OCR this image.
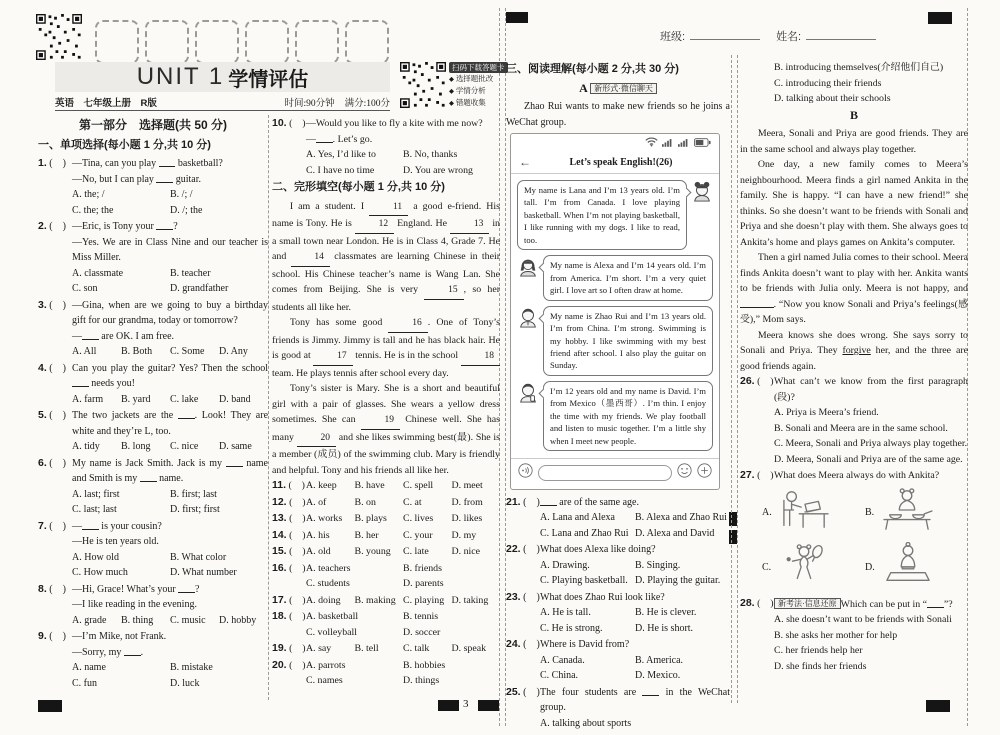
班级:	姓名:
UNIT 1 学情评估
英语　七年级上册　R版	时间:90分钟 满分:100分
扫码下载答题卡
◆ 选择题批改
◆ 学情分析
◆ 错题收集
第一部分　选择题(共 50 分)
一、单项选择(每小题 1 分,共 10 分)
1. (　) —Tina, can you play  basketball?
—No, but I can play  guitar.
A. the; /	B. /; /
C. the; the	D. /; the
2. (　) —Eric, is Tony your ?
—Yes. We are in Class Nine and our teacher is Miss Miller.
A. classmate	B. teacher
C. son	D. grandfather
3. (　) —Gina, when are we going to buy a birthday gift for our grandma, today or tomorrow?
— are OK. I am free.
A. All	B. Both	C. Some	D. Any
4. (　) Can you play the guitar? Yes? Then the school  needs you!
A. farm	B. yard	C. lake	D. band
5. (　) The two jackets are the . Look! They are white and they’re L, too.
A. tidy	B. long	C. nice	D. same
6. (　) My name is Jack Smith. Jack is my  name and Smith is my  name.
A. last; first	B. first; last
C. last; last	D. first; first
7. (　) — is your cousin?
—He is ten years old.
A. How old	B. What color
C. How much	D. What number
8. (　) —Hi, Grace! What’s your ?
—I like reading in the evening.
A. grade	B. thing	C. music	D. hobby
9. (　) —I’m Mike, not Frank.
—Sorry, my .
A. name	B. mistake
C. fun	D. luck
10. (　) —Would you like to fly a kite with me now?
— . Let’s go.
A. Yes, I’d like to	B. No, thanks
C. I have no time	D. You are wrong
二、完形填空(每小题 1 分,共 10 分)
I am a student. I	11 a good e-friend. His name is Tony. He is	12 England. He	13 in a small town near London. He is in Class 4, Grade 7. He and	14 classmates are learning Chinese in their school. His Chinese teacher’s name is Wang Lan. She comes from Beijing. She is very	15 , so her students all like her.
Tony has some good	16 . One of Tony’s friends is Jimmy. Jimmy is tall and he has black hair. He is good at	17 tennis. He is in the school	18 team. He plays tennis after school every day.
Tony’s sister is Mary. She is a short and beautiful girl with a pair of glasses. She wears a yellow dress sometimes. She can	19 Chinese well. She has many	20 and she likes swimming best(最). She is a member (成员) of the swimming club. Mary is friendly and helpful. Tony and his friends all like her.
11. (　) A. keep	B. have	C. spell	D. meet
12. (　) A. of	B. on	C. at	D. from
13. (　) A. works	B. plays	C. lives	D. likes
14. (　) A. his	B. her	C. your	D. my
15. (　) A. old	B. young	C. late	D. nice
16. (　) A. teachers	B. friends
C. students	D. parents
17. (　) A. doing	B. making C. playing D. taking
18. (　) A. basketball	B. tennis
C. volleyball	D. soccer
19. (　) A. say	B. tell	C. talk	D. speak
20. (　) A. parrots	B. hobbies
C. names	D. things
三、阅读理解(每小题 2 分,共 30 分)
A 新形式·微信聊天
Zhao Rui wants to make new friends so he joins a WeChat group.
←	Let’s speak English!(26)
My name is Lana and I’m 13 years old. I’m tall. I’m from Canada. I love playing basketball. When I’m not playing basketball, I like running with my dogs. I like to read, too.
My name is Alexa and I’m 14 years old. I’m from America. I’m short. I’m a very quiet girl. I love art so I often draw at home.
My name is Zhao Rui and I’m 13 years old. I’m from China. I’m strong. Swimming is my hobby. I like swimming with my best friend after school. I also play the guitar on Sunday.
I’m 12 years old and my name is David. I’m from Mexico（墨西哥）. I’m thin. I enjoy the time with my friends. We play football and listen to music together. I’m a little shy when I meet new people.
21. (　)	are of the same age.
A. Lana and Alexa	B. Alexa and Zhao Rui
C. Lana and Zhao Rui D. Alexa and David
22. (　) What does Alexa like doing?
A. Drawing.	B. Singing.
C. Playing basketball. D. Playing the guitar.
23. (　) What does Zhao Rui look like?
A. He is tall.	B. He is clever.
C. He is strong.	D. He is short.
24. (　) Where is David from?
A. Canada.	B. America.
C. China.	D. Mexico.
25. (　) The four students are  in the WeChat group.
A. talking about sports
B. introducing themselves(介绍他们自己)
C. introducing their friends
D. talking about their schools
B
Meera, Sonali and Priya are good friends. They are in the same school and always play together.
One day, a new family comes to Meera’s neighbourhood. Meera finds a girl named Ankita in the family. She is happy. “I can have a new friend!” she thinks. So she doesn’t want to be friends with Sonali and Priya and she doesn’t play with them. She always goes to Ankita’s home and plays games on Ankita’s computer.
Then a girl named Julia comes to their school. Meera finds Ankita doesn’t want to play with her. Ankita wants to be friends with Julia only. Meera is not happy, and . “Now you know Sonali and Priya’s feelings(感受),” Mom says.
Meera knows she does wrong. She says sorry to Sonali and Priya. They forgive her, and the three are good friends again.
26. (　) What can’t we know from the first paragraph (段)?
A. Priya is Meera’s friend.
B. Sonali and Meera are in the same school.
C. Meera, Sonali and Priya always play together.
D. Meera, Sonali and Priya are of the same age.
27. (　) What does Meera always do with Ankita?
A.	B.
C.	D.
28. (　) 新考法·信息还原 Which can be put in “ ”?
A. she doesn’t want to be friends with Sonali
B. she asks her mother for help
C. her friends help her
D. she finds her friends
3
